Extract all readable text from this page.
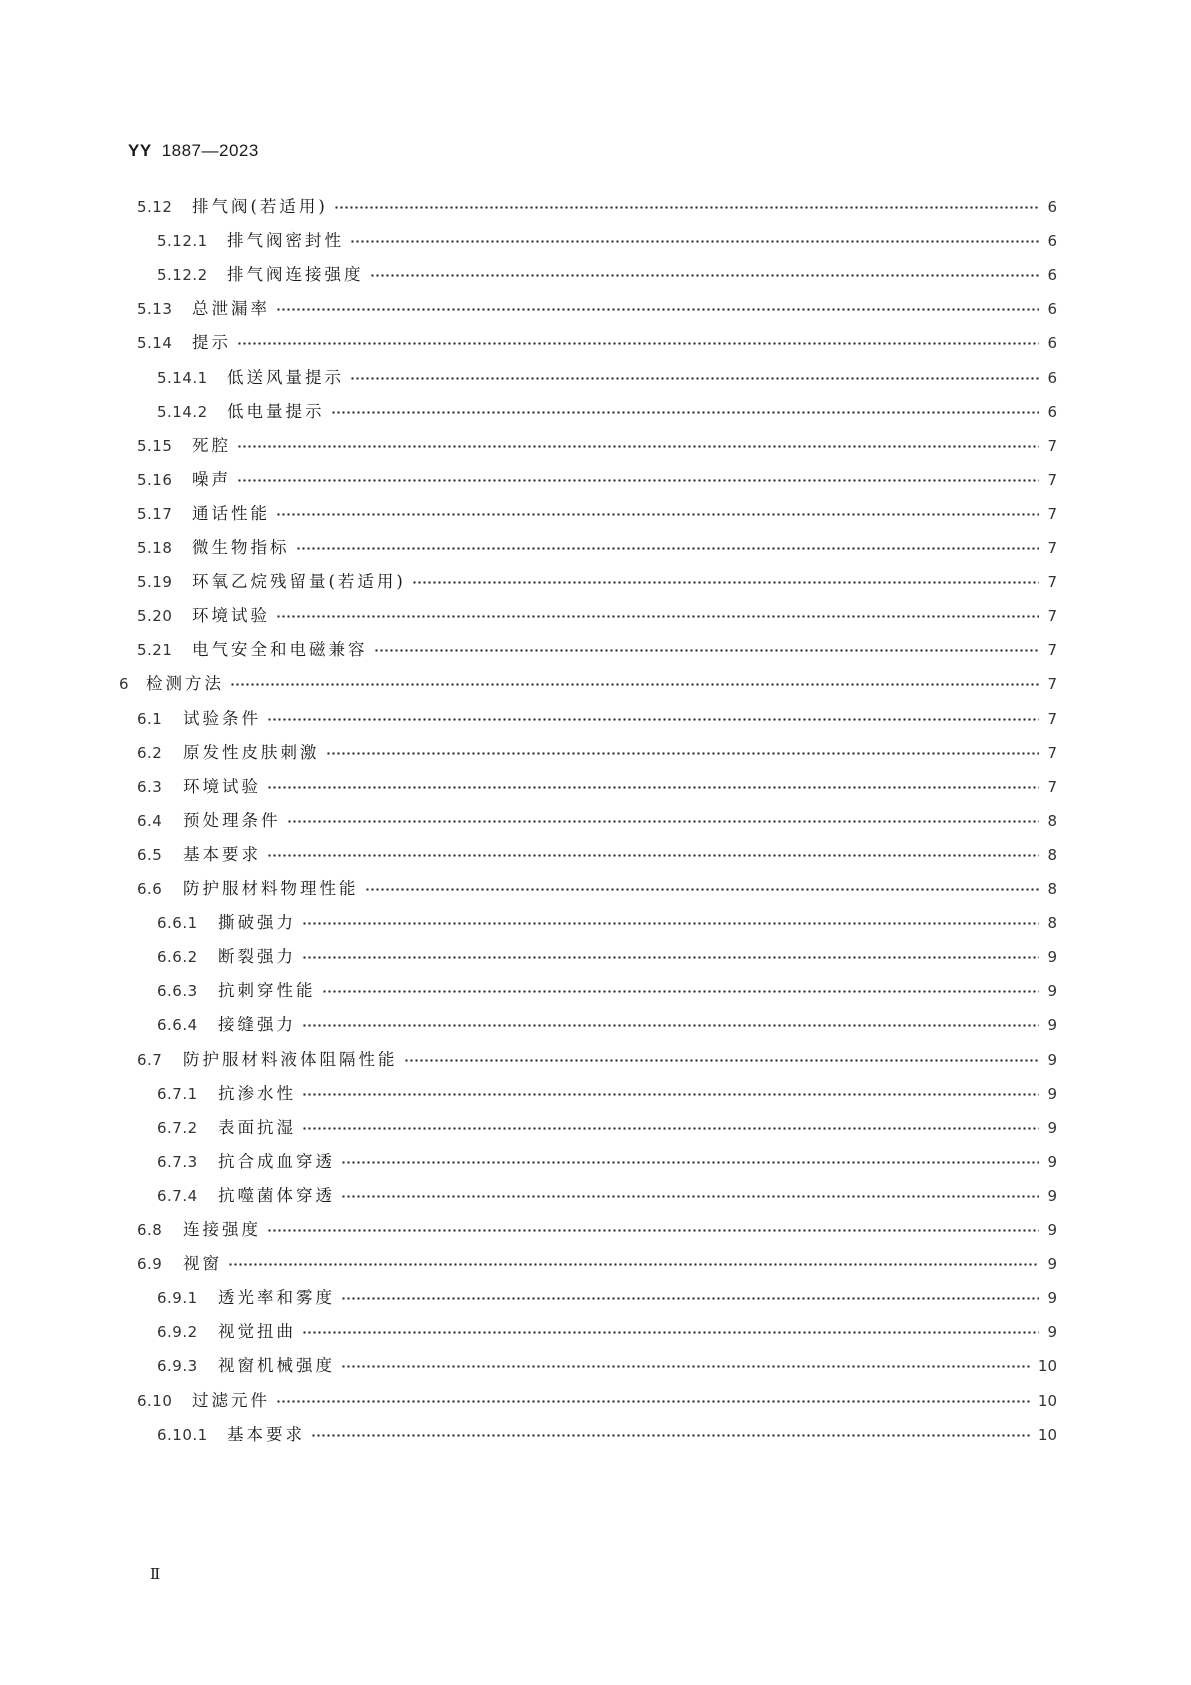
YY 1887—2023
5.12	排气阀(若适用)	6
5.12.1	排气阀密封性	6
5.12.2	排气阀连接强度	6
5.13	总泄漏率	6
5.14	提示	6
5.14.1	低送风量提示	6
5.14.2	低电量提示	6
5.15	死腔	7
5.16	噪声	7
5.17	通话性能	7
5.18	微生物指标	7
5.19	环氧乙烷残留量(若适用)	7
5.20	环境试验	7
5.21	电气安全和电磁兼容	7
6	检测方法	7
6.1	试验条件	7
6.2	原发性皮肤刺激	7
6.3	环境试验	7
6.4	预处理条件	8
6.5	基本要求	8
6.6	防护服材料物理性能	8
6.6.1	撕破强力	8
6.6.2	断裂强力	9
6.6.3	抗刺穿性能	9
6.6.4	接缝强力	9
6.7	防护服材料液体阻隔性能	9
6.7.1	抗渗水性	9
6.7.2	表面抗湿	9
6.7.3	抗合成血穿透	9
6.7.4	抗噬菌体穿透	9
6.8	连接强度	9
6.9	视窗	9
6.9.1	透光率和雾度	9
6.9.2	视觉扭曲	9
6.9.3	视窗机械强度	10
6.10	过滤元件	10
6.10.1	基本要求	10
Ⅱ
